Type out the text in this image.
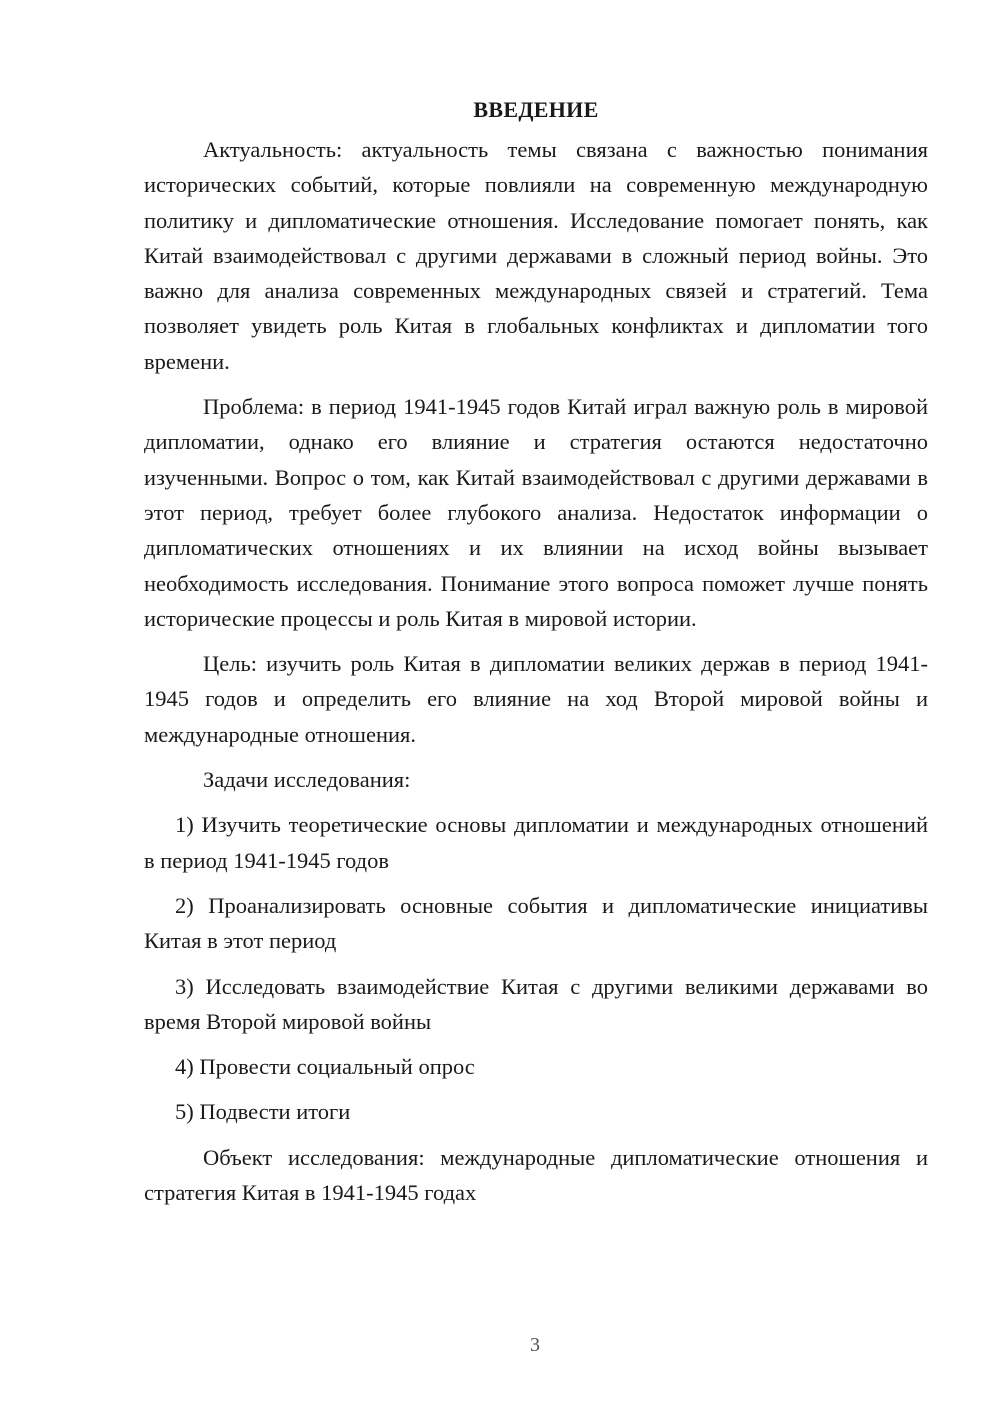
ВВЕДЕНИЕ

Актуальность: актуальность темы связана с важностью понимания исторических событий, которые повлияли на современную международную политику и дипломатические отношения. Исследование помогает понять, как Китай взаимодействовал с другими державами в сложный период войны. Это важно для анализа современных международных связей и стратегий. Тема позволяет увидеть роль Китая в глобальных конфликтах и дипломатии того времени.

Проблема: в период 1941-1945 годов Китай играл важную роль в мировой дипломатии, однако его влияние и стратегия остаются недостаточно изученными. Вопрос о том, как Китай взаимодействовал с другими державами в этот период, требует более глубокого анализа. Недостаток информации о дипломатических отношениях и их влиянии на исход войны вызывает необходимость исследования. Понимание этого вопроса поможет лучше понять исторические процессы и роль Китая в мировой истории.

Цель: изучить роль Китая в дипломатии великих держав в период 1941-1945 годов и определить его влияние на ход Второй мировой войны и международные отношения.

Задачи исследования:

1) Изучить теоретические основы дипломатии и международных отношений в период 1941-1945 годов

2) Проанализировать основные события и дипломатические инициативы Китая в этот период

3) Исследовать взаимодействие Китая с другими великими державами во время Второй мировой войны

4) Провести социальный опрос

5) Подвести итоги

Объект исследования: международные дипломатические отношения и стратегия Китая в 1941-1945 годах

3
